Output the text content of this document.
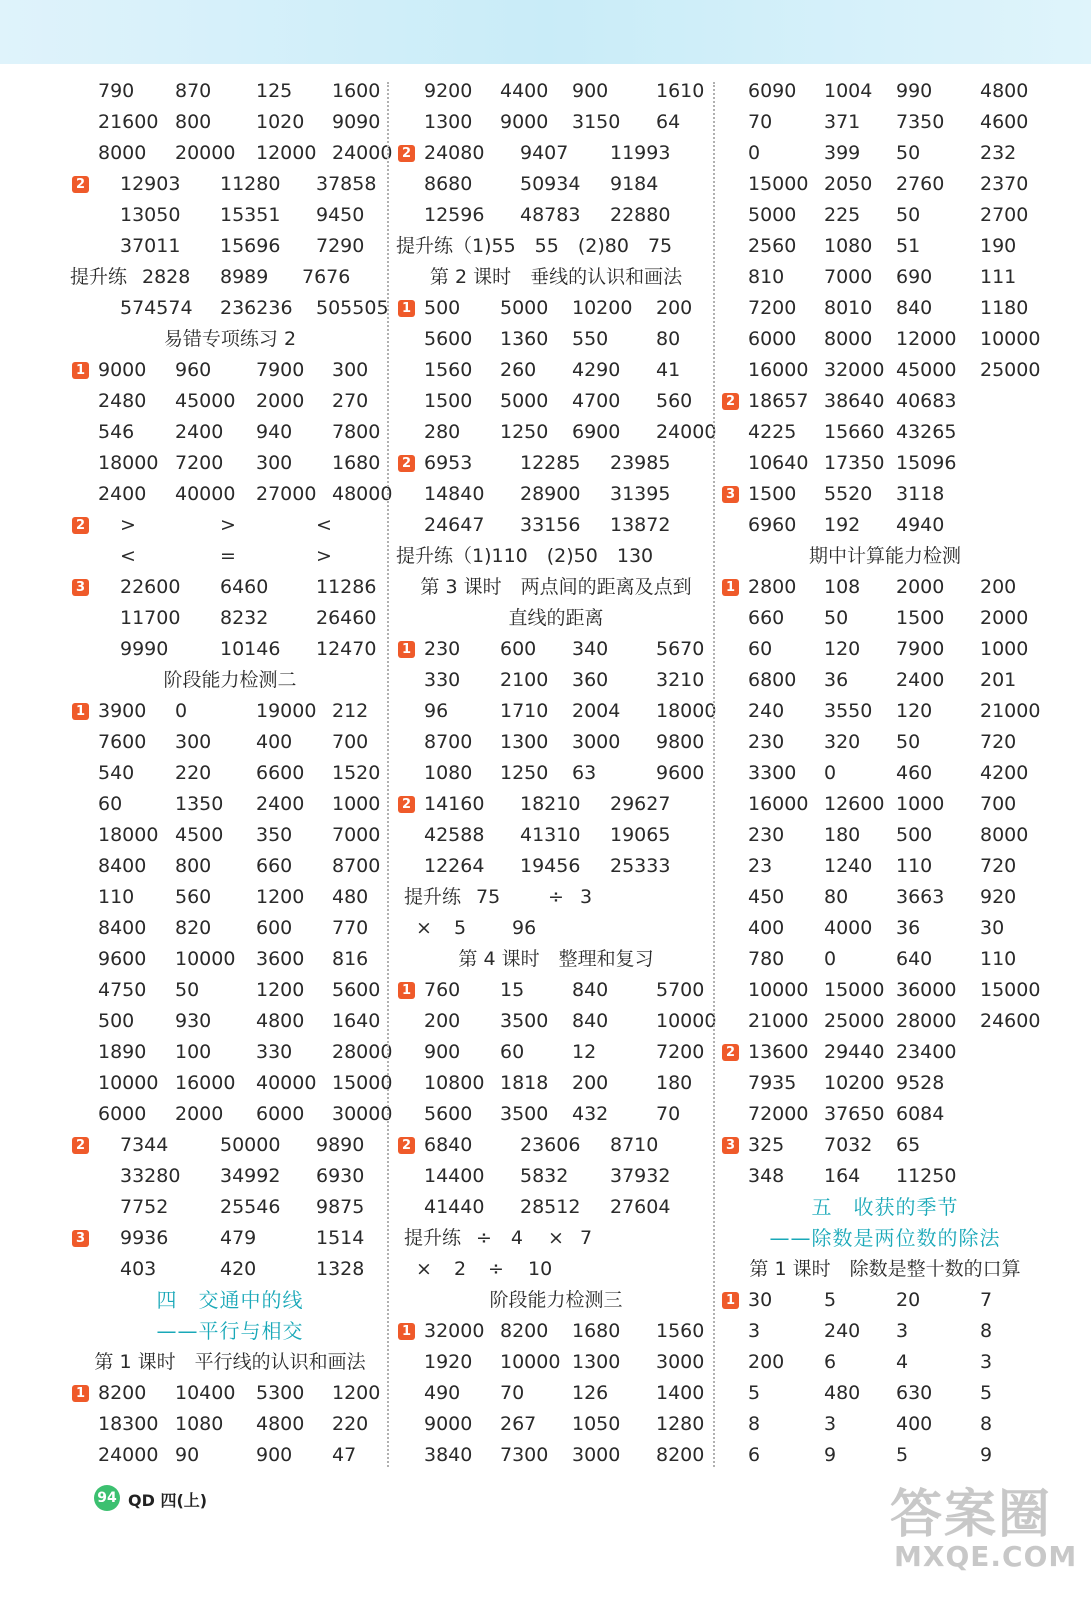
790 870 125 1600
21600 800 1020 9090
8000 20000 12000 24000
2 12903 11280 37858
13050 15351 9450
37011 15696 7290
提升练 2828 8989 7676
574574 236236 505505
易错专项练习 2
1 9000 960 7900 300
2480 45000 2000 270
546 2400 940 7800
18000 7200 300 1680
2400 40000 27000 48000
2 >	>	<
<	=	>
3 22600 6460	11286
11700 8232	26460
9990	10146 12470
阶段能力检测二
1 3900 0	19000 212
7600 300 400 700
540 220 6600 1520
60	1350 2400 1000
18000 4500 350 7000
8400 800 660 8700
110 560 1200 480
8400 820 600 770
9600 10000 3600 816
4750 50	1200 5600
500 930 4800 1640
1890 100 330 28000
10000 16000 40000 15000
6000 2000 6000 30000
2 7344	50000 9890
33280 34992 6930
7752	25546 9875
3 9936	479	1514
403	420	1328
四　交通中的线
——平行与相交
第 1 课时　平行线的认识和画法
1 8200 10400 5300 1200
18300 1080 4800 220
24000 90	900 47
9200 4400 900	1610
1300 9000 3150 64
2 24080 9407 11993
8680	50934 9184
12596 48783 22880
提升练（1)55　55　(2)80　75
第 2 课时　垂线的认识和画法
1 500 5000 10200 200
5600 1360 550	80
1560 260 4290 41
1500 5000 4700 560
280 1250 6900 24000
2 6953	12285 23985
14840 28900 31395
24647 33156 13872
提升练（1)110　(2)50　130
第 3 课时　两点间的距离及点到
直线的距离
1 230 600 340	5670
330 2100 360	3210
96	1710 2004 18000
8700 1300 3000 9800
1080 1250 63	9600
2 14160 18210 29627
42588 41310 19065
12264 19456 25333
提升练 75	÷ 3
× 5 96
第 4 课时　整理和复习
1 760 15	840	5700
200 3500 840	10000
900 60	12	7200
10800 1818 200	180
5600 3500 432	70
2 6840	23606 8710
14400 5832 37932
41440 28512 27604
提升练 ÷　4 × 7
× 2 ÷ 10
阶段能力检测三
1 32000 8200 1680 1560
1920 10000 1300 3000
490 70	126	1400
9000 267 1050 1280
3840 7300 3000 8200
6090 1004 990	4800
70	371 7350 4600
0	399 50	232
15000 2050 2760 2370
5000 225 50	2700
2560 1080 51	190
810 7000 690	111
7200 8010 840	1180
6000 8000 12000 10000
16000 32000 45000 25000
2 18657 38640 40683
4225 15660 43265
10640 17350 15096
3 1500 5520 3118
6960 192 4940
期中计算能力检测
1 2800 108 2000 200
660 50	1500 2000
60	120 7900 1000
6800 36	2400 201
240 3550 120	21000
230 320 50	720
3300 0	460	4200
16000 12600 1000 700
230 180 500	8000
23	1240 110	720
450 80	3663 920
400 4000 36	30
780 0	640	110
10000 15000 36000 15000
21000 25000 28000 24600
2 13600 29440 23400
7935 10200 9528
72000 37650 6084
3 325 7032 65
348 164 11250
五　收获的季节
——除数是两位数的除法
第 1 课时　除数是整十数的口算
1 30	5	20	7
3	240 3	8
200 6	4	3
5	480 630	5
8	3	400	8
6	9	5	9
94 QD 四(上)	答案圈
MXQE.COM
